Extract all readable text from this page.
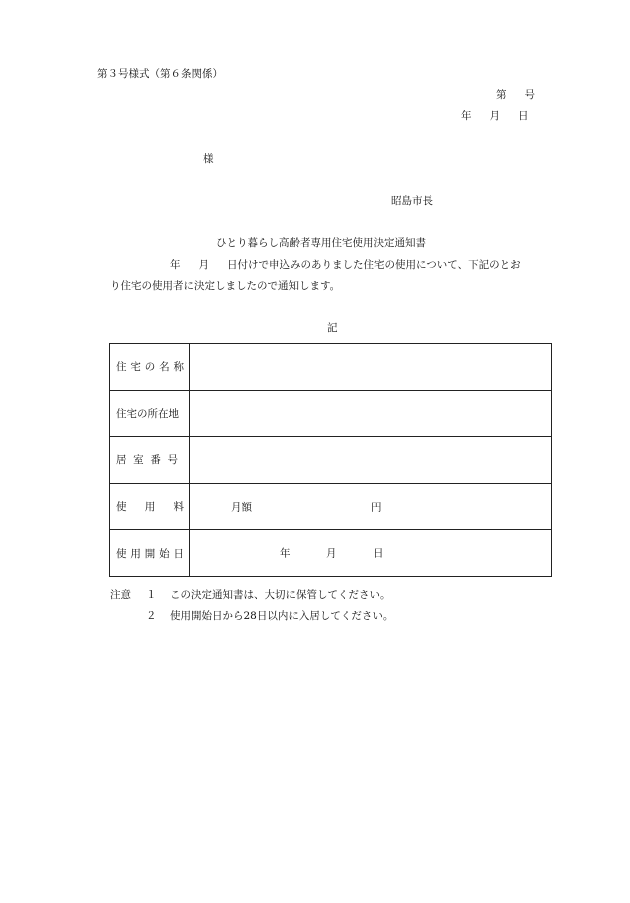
第３号様式（第６条関係）
第 号
年 月 日
様
昭島市長
ひとり暮らし高齢者専用住宅使用決定通知書
年 月 日付けで申込みのありました住宅の使用について、下記のとお
り住宅の使用者に決定しましたので通知します。
記
住 宅 の 名 称	

住宅の所在地	

居 室 番 号	

使 用 料	月額 円

使 用 開 始 日	年 月 日
注意 １ この決定通知書は、大切に保管してください。
２ 使用開始日から28日以内に入居してください。
